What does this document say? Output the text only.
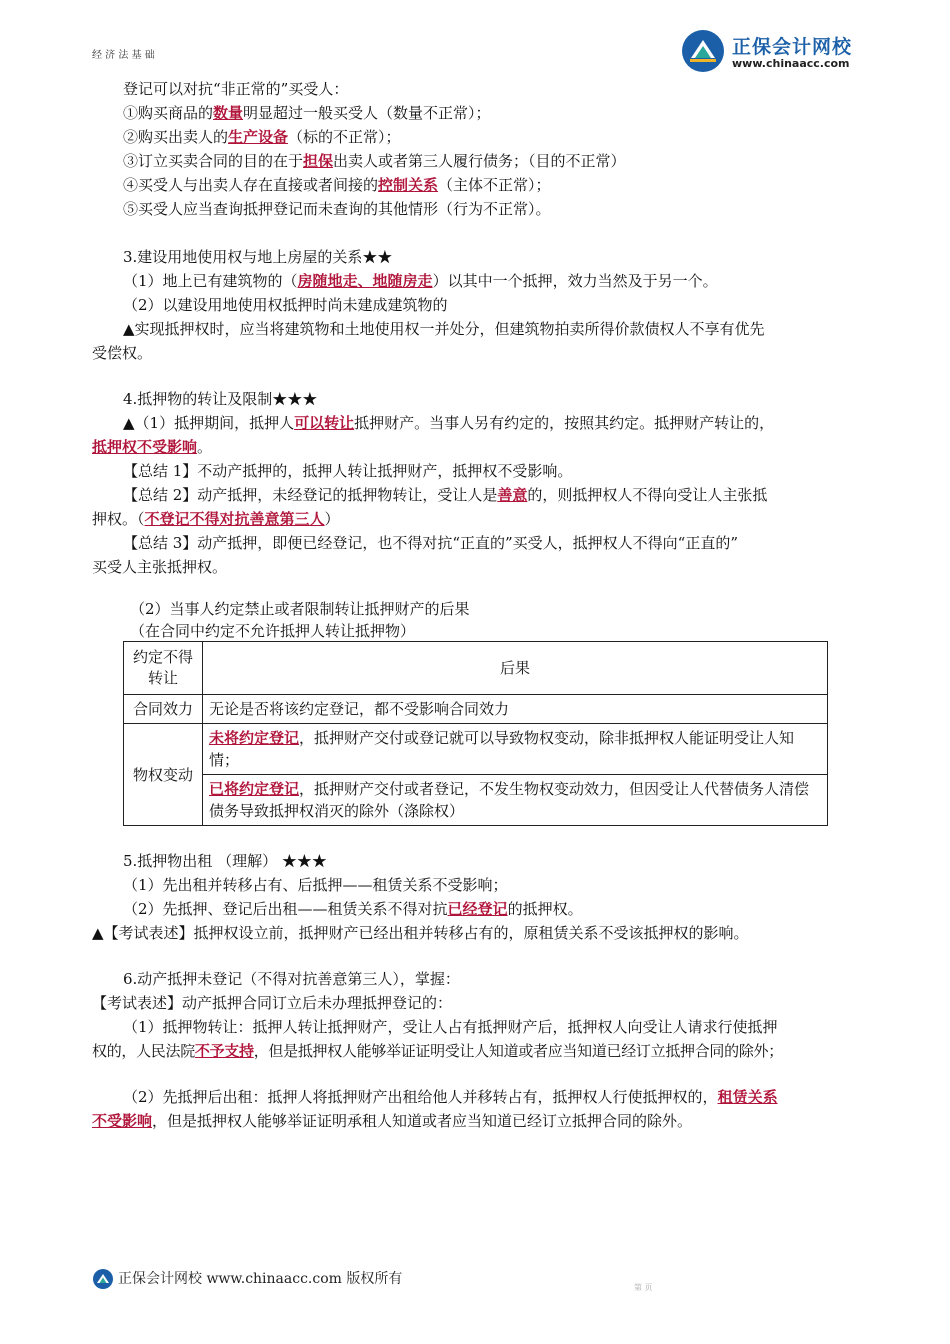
经 济 法 基 础	正保会计网校
www.chinaacc.com
登记可以对抗“非正常的”买受人：
①购买商品的数量明显超过一般买受人（数量不正常）；
②购买出卖人的生产设备（标的不正常）；
③订立买卖合同的目的在于担保出卖人或者第三人履行债务；（目的不正常）
④买受人与出卖人存在直接或者间接的控制关系（主体不正常）；
⑤买受人应当查询抵押登记而未查询的其他情形（行为不正常）。
3.建设用地使用权与地上房屋的关系★★
（1）地上已有建筑物的（房随地走、地随房走）以其中一个抵押，效力当然及于另一个。
（2）以建设用地使用权抵押时尚未建成建筑物的
▲实现抵押权时，应当将建筑物和土地使用权一并处分，但建筑物拍卖所得价款债权人不享有优先
受偿权。
4.抵押物的转让及限制★★★
▲（1）抵押期间，抵押人可以转让抵押财产。当事人另有约定的，按照其约定。抵押财产转让的，
抵押权不受影响。
【总结 1】不动产抵押的，抵押人转让抵押财产，抵押权不受影响。
【总结 2】动产抵押，未经登记的抵押物转让，受让人是善意的，则抵押权人不得向受让人主张抵
押权。（不登记不得对抗善意第三人）
【总结 3】动产抵押，即便已经登记，也不得对抗“正直的”买受人，抵押权人不得向“正直的”
买受人主张抵押权。
（2）当事人约定禁止或者限制转让抵押财产的后果
（在合同中约定不允许抵押人转让抵押物）
约定不得转让	后果
合同效力	无论是否将该约定登记，都不受影响合同效力
物权变动	未将约定登记，抵押财产交付或登记就可以导致物权变动，除非抵押权人能证明受让人知情；
	已将约定登记，抵押财产交付或者登记，不发生物权变动效力，但因受让人代替债务人清偿债务导致抵押权消灭的除外（涤除权）
5.抵押物出租 （理解） ★★★
（1）先出租并转移占有、后抵押——租赁关系不受影响；
（2）先抵押、登记后出租——租赁关系不得对抗已经登记的抵押权。
▲【考试表述】抵押权设立前，抵押财产已经出租并转移占有的，原租赁关系不受该抵押权的影响。
6.动产抵押未登记（不得对抗善意第三人），掌握：
【考试表述】动产抵押合同订立后未办理抵押登记的：
（1）抵押物转让：抵押人转让抵押财产，受让人占有抵押财产后，抵押权人向受让人请求行使抵押
权的，人民法院不予支持，但是抵押权人能够举证证明受让人知道或者应当知道已经订立抵押合同的除外；
（2）先抵押后出租：抵押人将抵押财产出租给他人并移转占有，抵押权人行使抵押权的，租赁关系
不受影响，但是抵押权人能够举证证明承租人知道或者应当知道已经订立抵押合同的除外。
正保会计网校 www.chinaacc.com 版权所有
第 页
